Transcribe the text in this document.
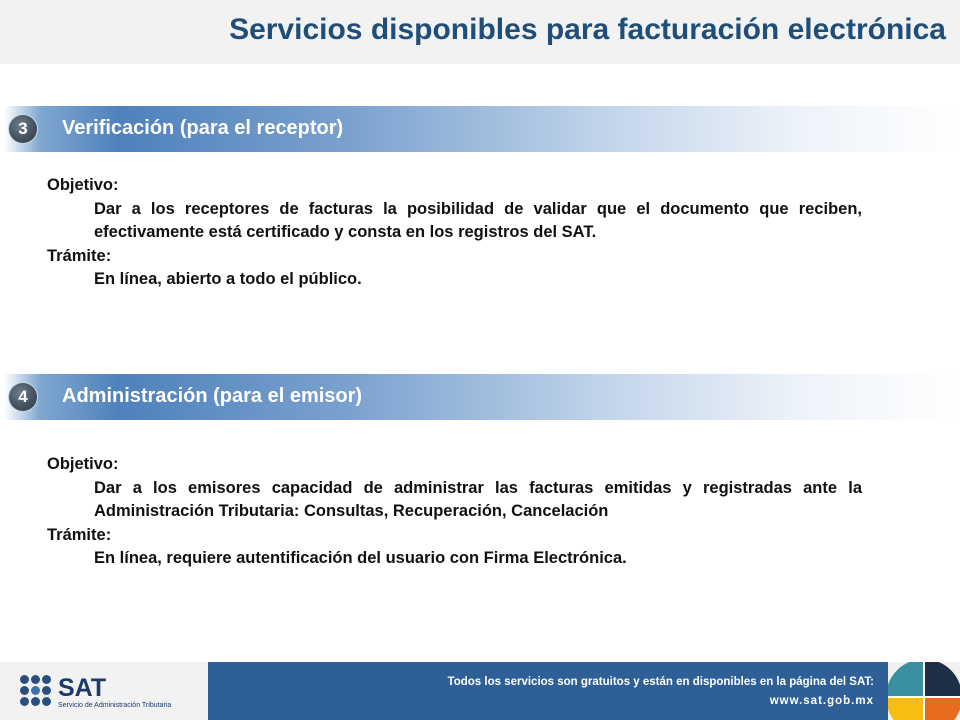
Servicios disponibles para facturación electrónica
3	Verificación (para el receptor)
Objetivo:
Dar a los receptores de facturas la posibilidad de validar que el documento que reciben, efectivamente está certificado y consta en los registros del SAT.
Trámite:
En línea, abierto a todo el público.
4	Administración (para el emisor)
Objetivo:
Dar a los emisores capacidad de administrar las facturas emitidas y registradas ante la Administración Tributaria: Consultas, Recuperación, Cancelación
Trámite:
En línea, requiere autentificación del usuario con Firma Electrónica.
SAT
Servicio de Administración Tributaria
Todos los servicios son gratuitos y están en disponibles en la página del SAT:
www.sat.gob.mx
